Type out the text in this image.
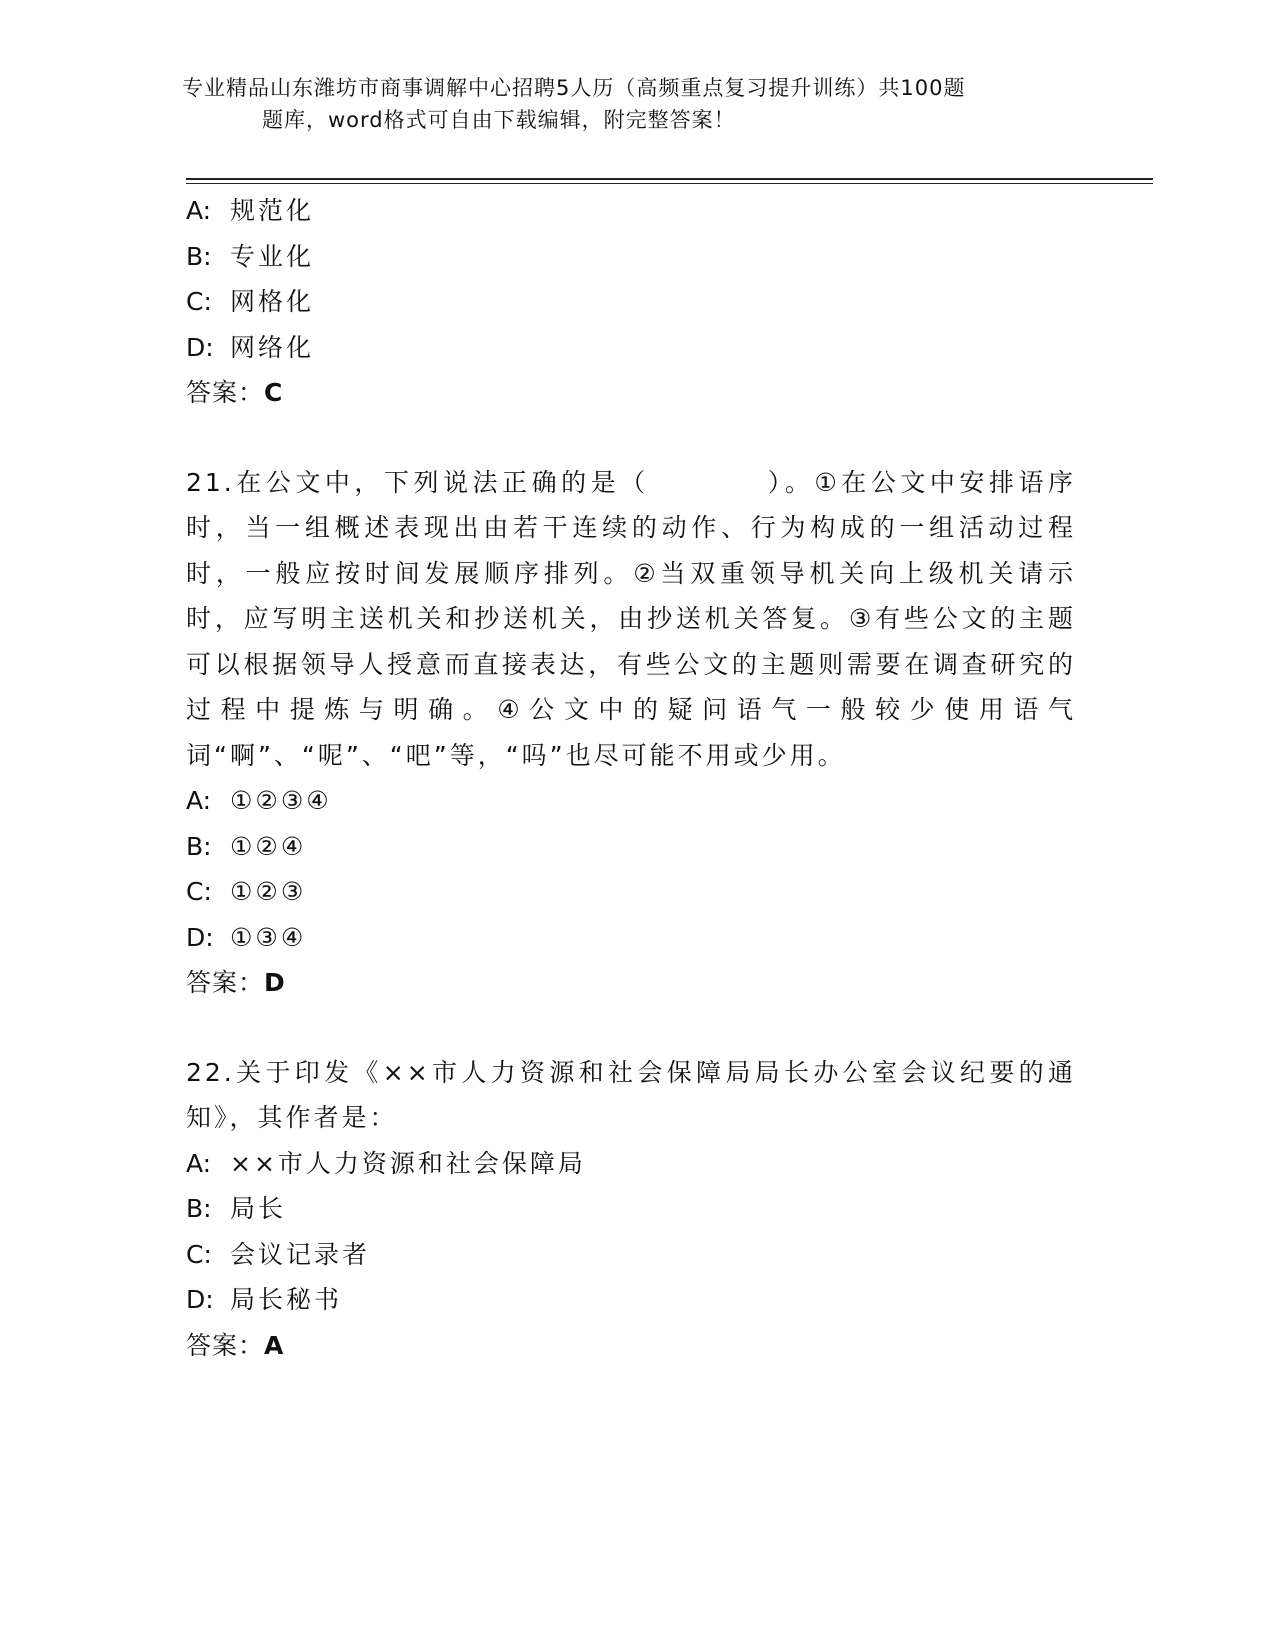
专业精品山东潍坊市商事调解中心招聘5人历（高频重点复习提升训练）共100题
题库，word格式可自由下载编辑，附完整答案！
A: 规范化
B: 专业化
C: 网格化
D: 网络化
答案：C
21.在公文中，下列说法正确的是（　　　　）。①在公文中安排语序时，当一组概述表现出由若干连续的动作、行为构成的一组活动过程时，一般应按时间发展顺序排列。②当双重领导机关向上级机关请示时，应写明主送机关和抄送机关，由抄送机关答复。③有些公文的主题可以根据领导人授意而直接表达，有些公文的主题则需要在调查研究的过程中提炼与明确。④公文中的疑问语气一般较少使用语气词“啊”、“呢”、“吧”等，“吗”也尽可能不用或少用。
A: ①②③④
B: ①②④
C: ①②③
D: ①③④
答案：D
22.关于印发《××市人力资源和社会保障局局长办公室会议纪要的通知》，其作者是：
A: ××市人力资源和社会保障局
B: 局长
C: 会议记录者
D: 局长秘书
答案：A
